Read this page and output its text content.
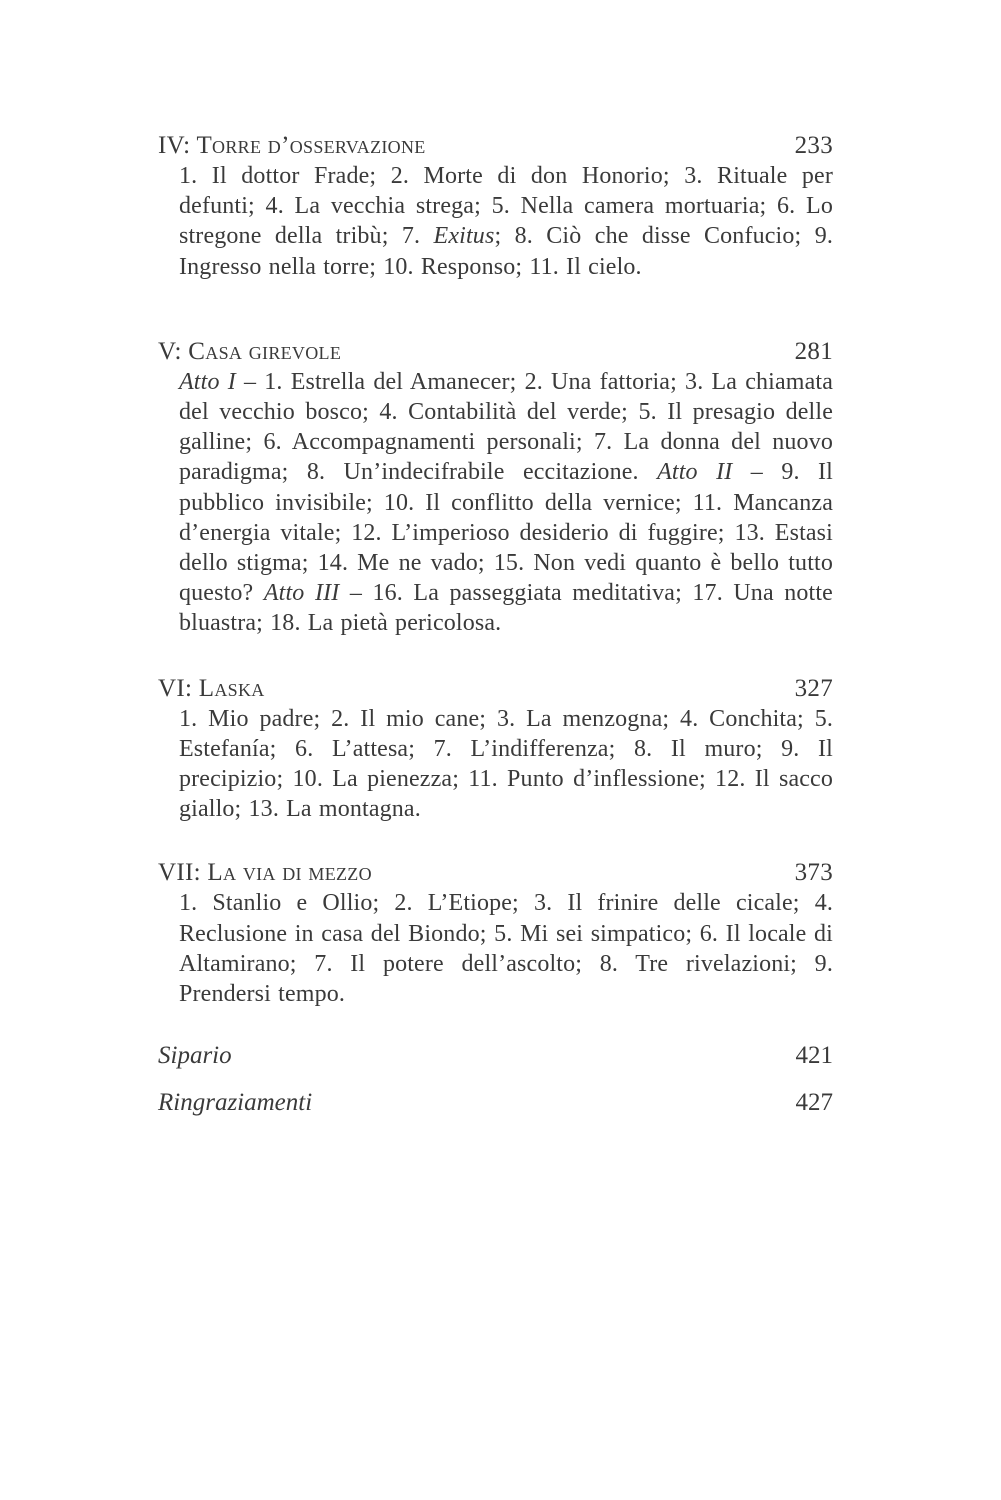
IV: Torre d’osservazione	233
1. Il dottor Frade; 2. Morte di don Honorio; 3. Rituale per defunti; 4. La vecchia strega; 5. Nella camera mortuaria; 6. Lo stregone della tribù; 7. Exitus; 8. Ciò che disse Confucio; 9. Ingresso nella torre; 10. Responso; 11. Il cielo.
V: Casa girevole	281
Atto I – 1. Estrella del Amanecer; 2. Una fattoria; 3. La chiamata del vecchio bosco; 4. Contabilità del verde; 5. Il presagio delle galline; 6. Accompagnamenti personali; 7. La donna del nuovo paradigma; 8. Un’indecifrabile eccitazione. Atto II – 9. Il pubblico invisibile; 10. Il conflitto della vernice; 11. Mancanza d’energia vitale; 12. L’imperioso desiderio di fuggire; 13. Estasi dello stigma; 14. Me ne vado; 15. Non vedi quanto è bello tutto questo? Atto III – 16. La passeggiata meditativa; 17. Una notte bluastra; 18. La pietà pericolosa.
VI: Laska	327
1. Mio padre; 2. Il mio cane; 3. La menzogna; 4. Conchita; 5. Estefanía; 6. L’attesa; 7. L’indifferenza; 8. Il muro; 9. Il precipizio; 10. La pienezza; 11. Punto d’inflessione; 12. Il sacco giallo; 13. La montagna.
VII: La via di mezzo	373
1. Stanlio e Ollio; 2. L’Etiope; 3. Il frinire delle cicale; 4. Reclusione in casa del Biondo; 5. Mi sei simpatico; 6. Il locale di Altamirano; 7. Il potere dell’ascolto; 8. Tre rivelazioni; 9. Prendersi tempo.
Sipario	421
Ringraziamenti	427
